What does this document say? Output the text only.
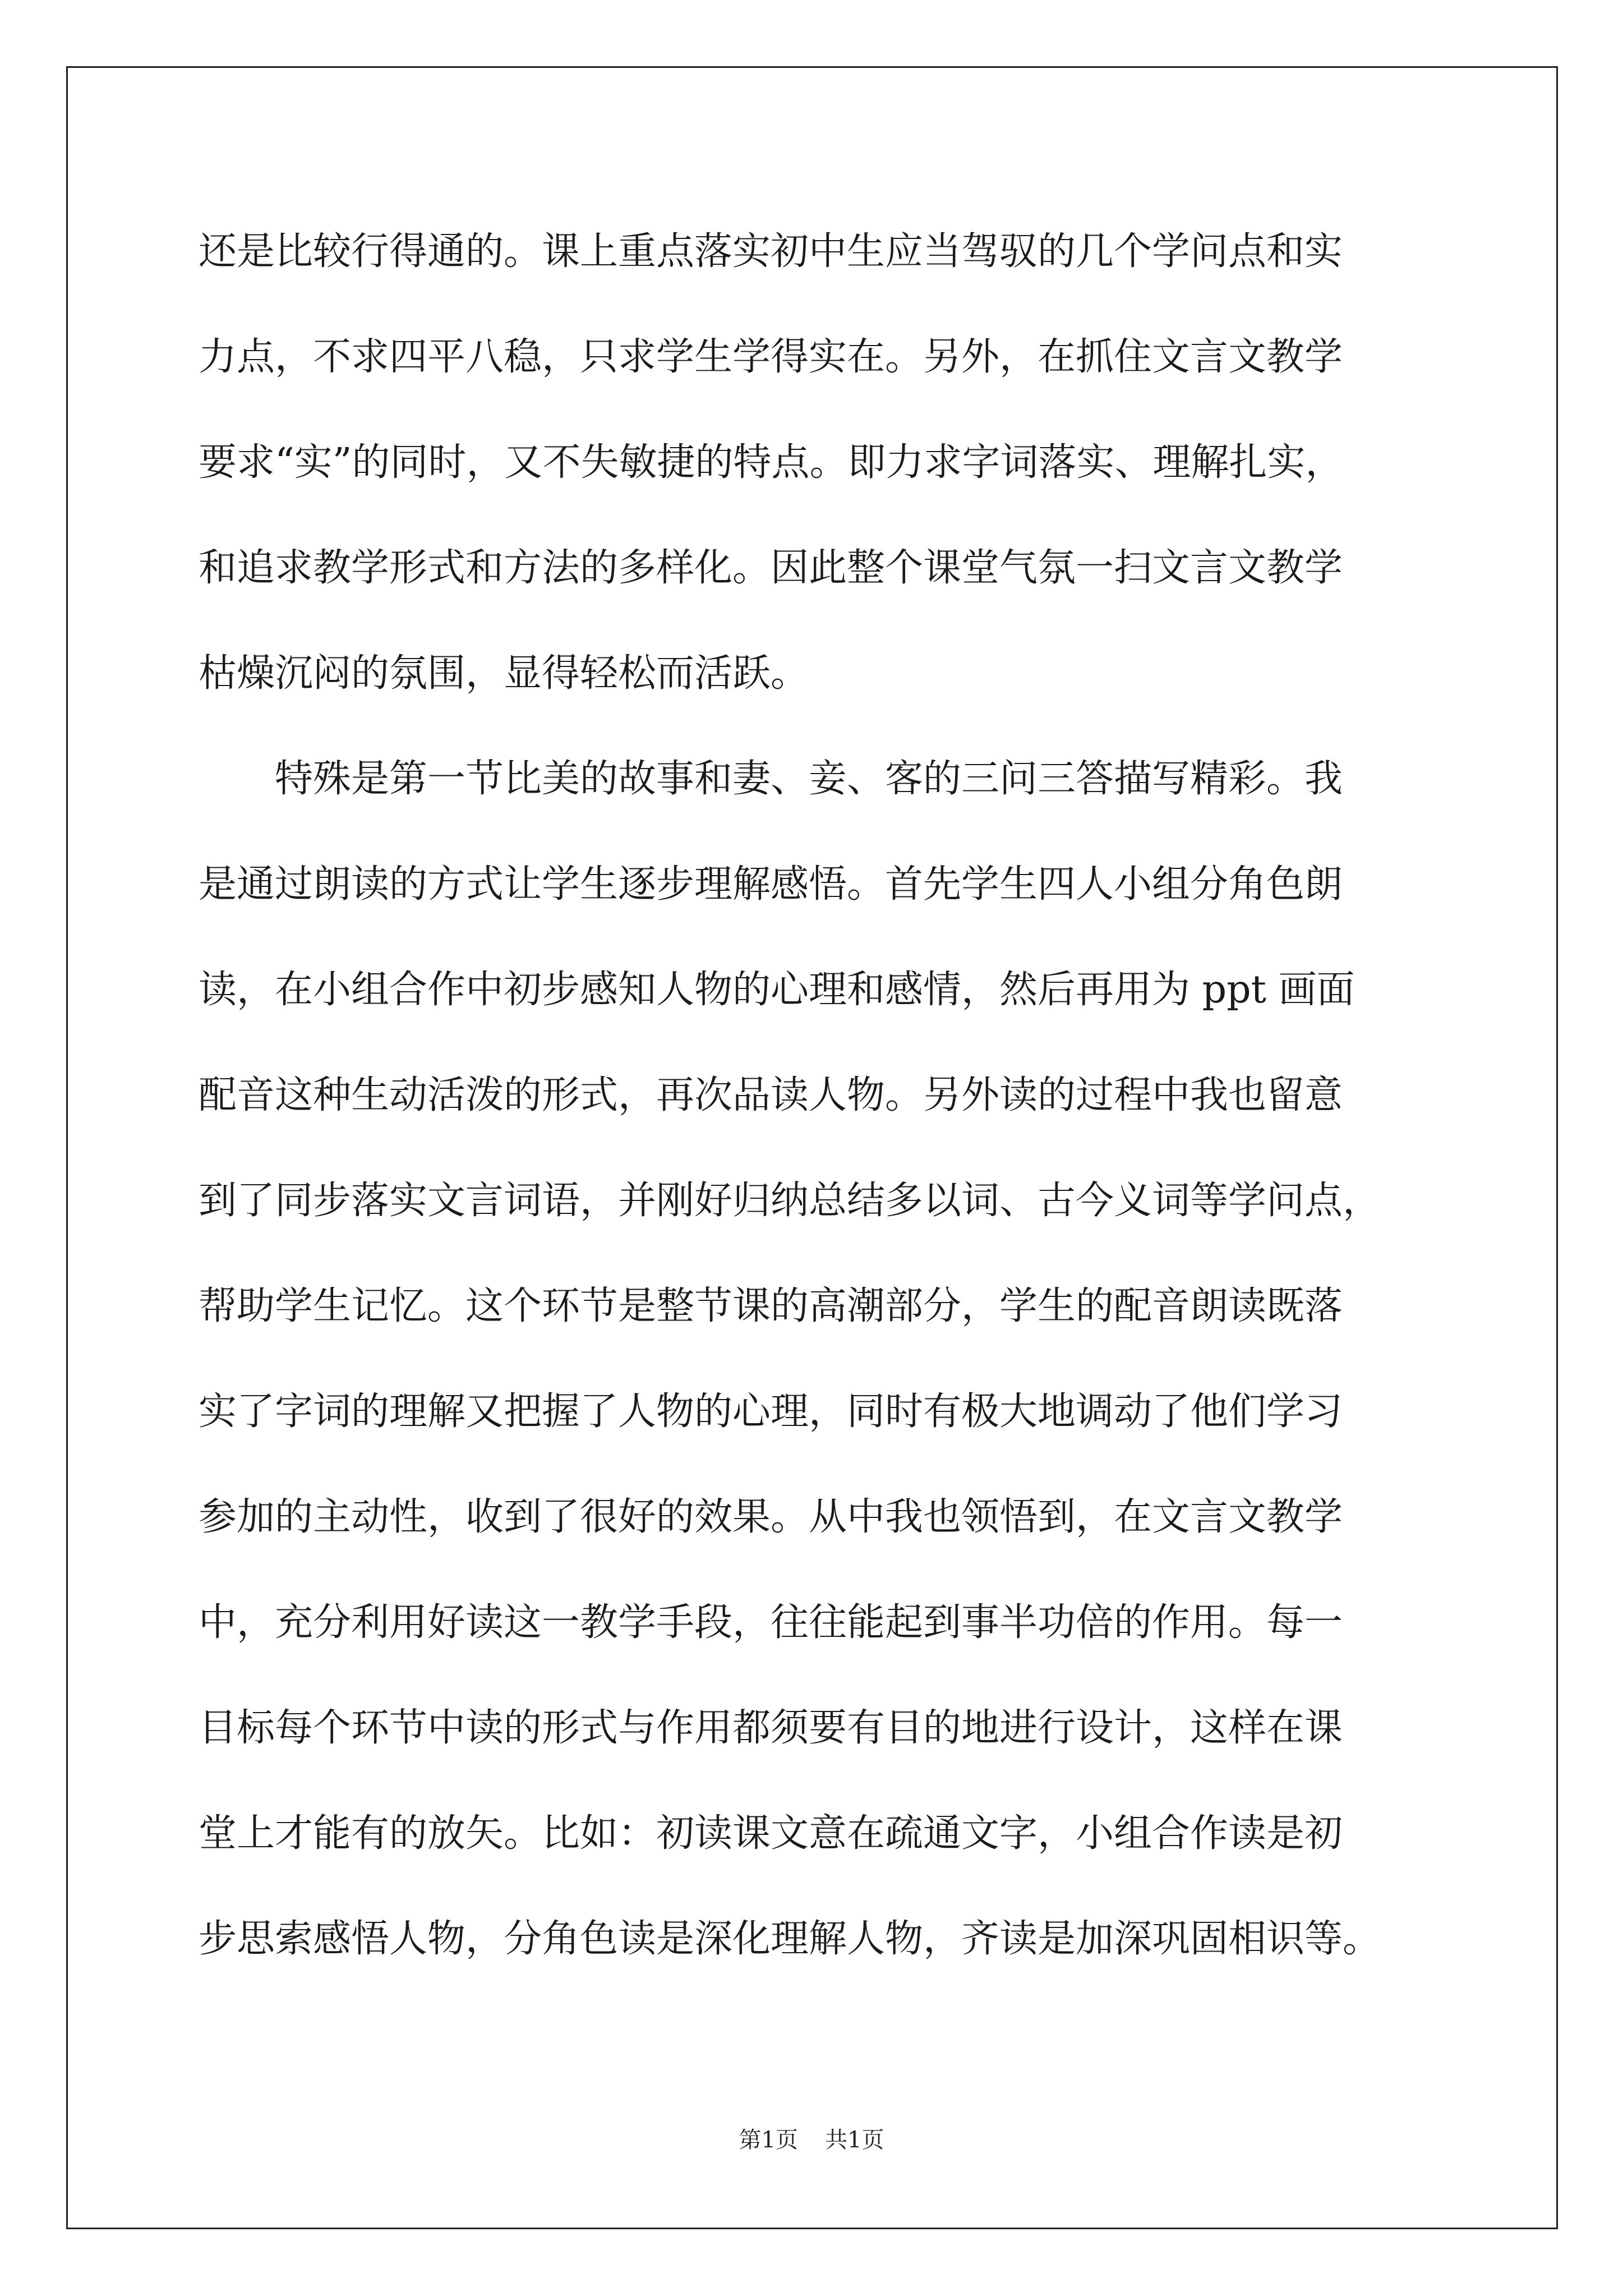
还是比较行得通的。课上重点落实初中生应当驾驭的几个学问点和实
力点，不求四平八稳，只求学生学得实在。另外，在抓住文言文教学
要求“实”的同时，又不失敏捷的特点。即力求字词落实、理解扎实，
和追求教学形式和方法的多样化。因此整个课堂气氛一扫文言文教学
枯燥沉闷的氛围，显得轻松而活跃。
特殊是第一节比美的故事和妻、妾、客的三问三答描写精彩。我
是通过朗读的方式让学生逐步理解感悟。首先学生四人小组分角色朗
读，在小组合作中初步感知人物的心理和感情，然后再用为 ppt 画面
配音这种生动活泼的形式，再次品读人物。另外读的过程中我也留意
到了同步落实文言词语，并刚好归纳总结多以词、古今义词等学问点，
帮助学生记忆。这个环节是整节课的高潮部分，学生的配音朗读既落
实了字词的理解又把握了人物的心理，同时有极大地调动了他们学习
参加的主动性，收到了很好的效果。从中我也领悟到，在文言文教学
中，充分利用好读这一教学手段，往往能起到事半功倍的作用。每一
目标每个环节中读的形式与作用都须要有目的地进行设计，这样在课
堂上才能有的放矢。比如：初读课文意在疏通文字，小组合作读是初
步思索感悟人物，分角色读是深化理解人物，齐读是加深巩固相识等。
第1页 共1页
